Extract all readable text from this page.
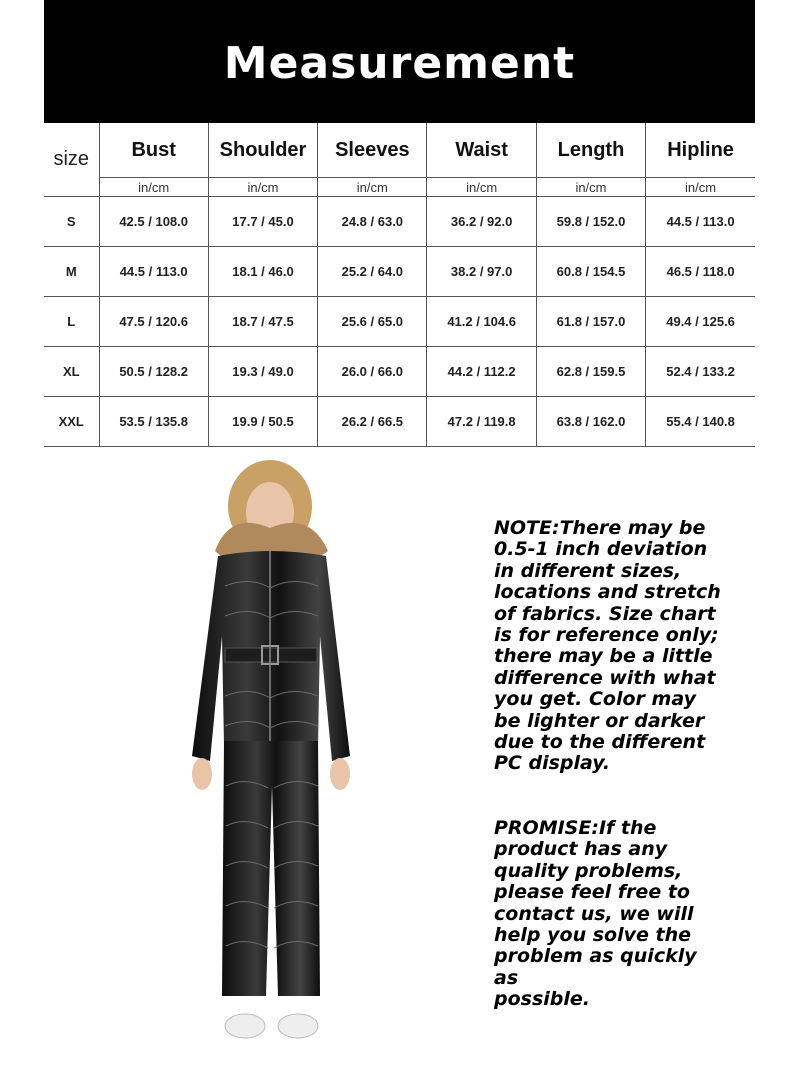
Measurement
size	Bust	Shoulder	Sleeves	Waist	Length	Hipline
	in/cm	in/cm	in/cm	in/cm	in/cm	in/cm
S	42.5 / 108.0	17.7 / 45.0	24.8 / 63.0	36.2 / 92.0	59.8 / 152.0	44.5 / 113.0
M	44.5 / 113.0	18.1 / 46.0	25.2 / 64.0	38.2 / 97.0	60.8 / 154.5	46.5 / 118.0
L	47.5 / 120.6	18.7 / 47.5	25.6 / 65.0	41.2 / 104.6	61.8 / 157.0	49.4 / 125.6
XL	50.5 / 128.2	19.3 / 49.0	26.0 / 66.0	44.2 / 112.2	62.8 / 159.5	52.4 / 133.2
XXL	53.5 / 135.8	19.9 / 50.5	26.2 / 66.5	47.2 / 119.8	63.8 / 162.0	55.4 / 140.8

NOTE:There may be

0.5-1 inch deviation

in different sizes,

locations and stretch

of fabrics. Size chart

is for reference only;

there may be a little

difference with what

you get. Color may

be lighter or darker

due to the different

PC display.

PROMISE:If the

product has any

quality problems,

please feel free to

contact us, we will

help you solve the

problem as quickly as

possible.
